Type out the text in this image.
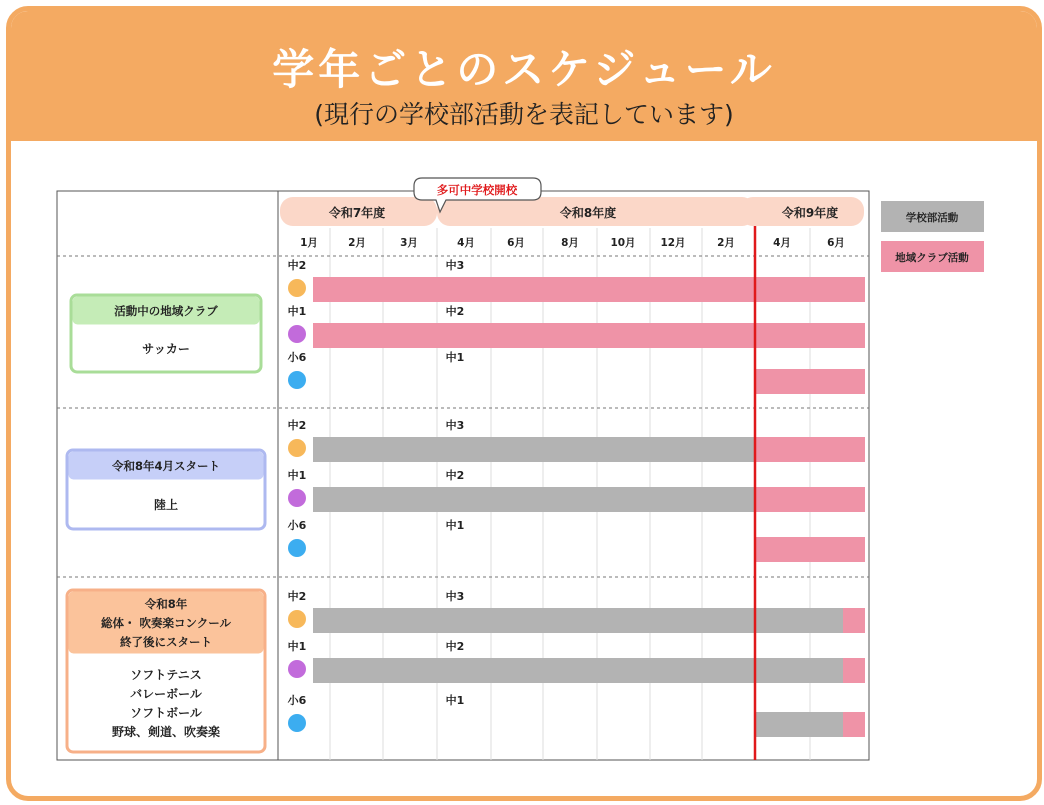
学年ごとのスケジュール
(現行の学校部活動を表記しています)
令和7年度	令和8年度	令和9年度
1月	2月	3月	4月	6月	8月	10月 12月	2月	4月	6月
中2	中3
中1	中2
小6	中1
活動中の地域クラブ
サッカー
中2	中3
中1	中2
小6	中1
令和8年4月スタート
陸上
中2	中3
中1	中2
小6	中1
令和8年
総体・ 吹奏楽コンクール
終了後にスタート
ソフトテニス
バレーボール
ソフトボール
野球、剣道、吹奏楽
多可中学校開校
学校部活動
地域クラブ活動
